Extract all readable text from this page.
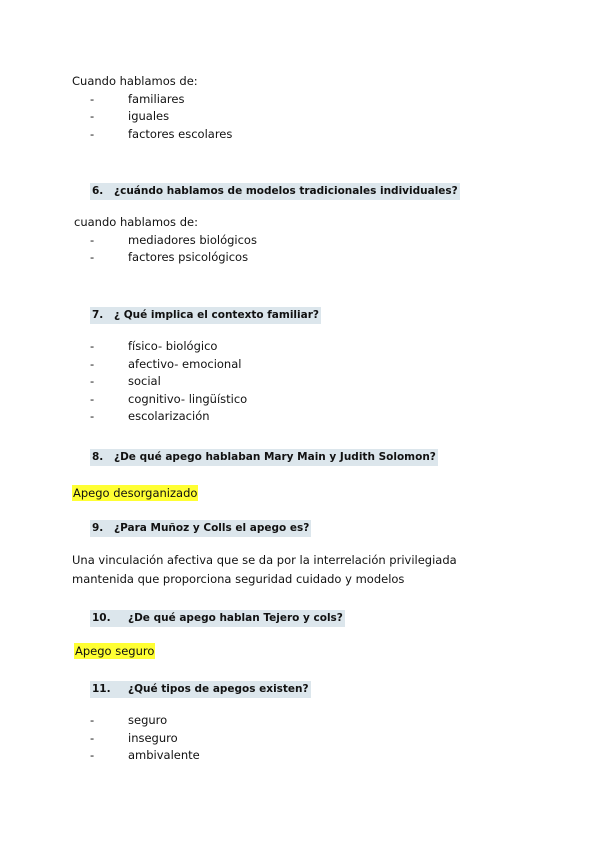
Cuando hablamos de:
- familiares
- iguales
- factores escolares
6. ¿cuándo hablamos de modelos tradicionales individuales?
cuando hablamos de:
- mediadores biológicos
- factores psicológicos
7. ¿ Qué implica el contexto familiar?
- físico- biológico
- afectivo- emocional
- social
- cognitivo- lingüístico
- escolarización
8. ¿De qué apego hablaban Mary Main y Judith Solomon?
Apego desorganizado
9. ¿Para Muñoz y Colls el apego es?
Una vinculación afectiva que se da por la interrelación privilegiada mantenida que proporciona seguridad cuidado y modelos
10. ¿De qué apego hablan Tejero y cols?
Apego seguro
11. ¿Qué tipos de apegos existen?
- seguro
- inseguro
- ambivalente
